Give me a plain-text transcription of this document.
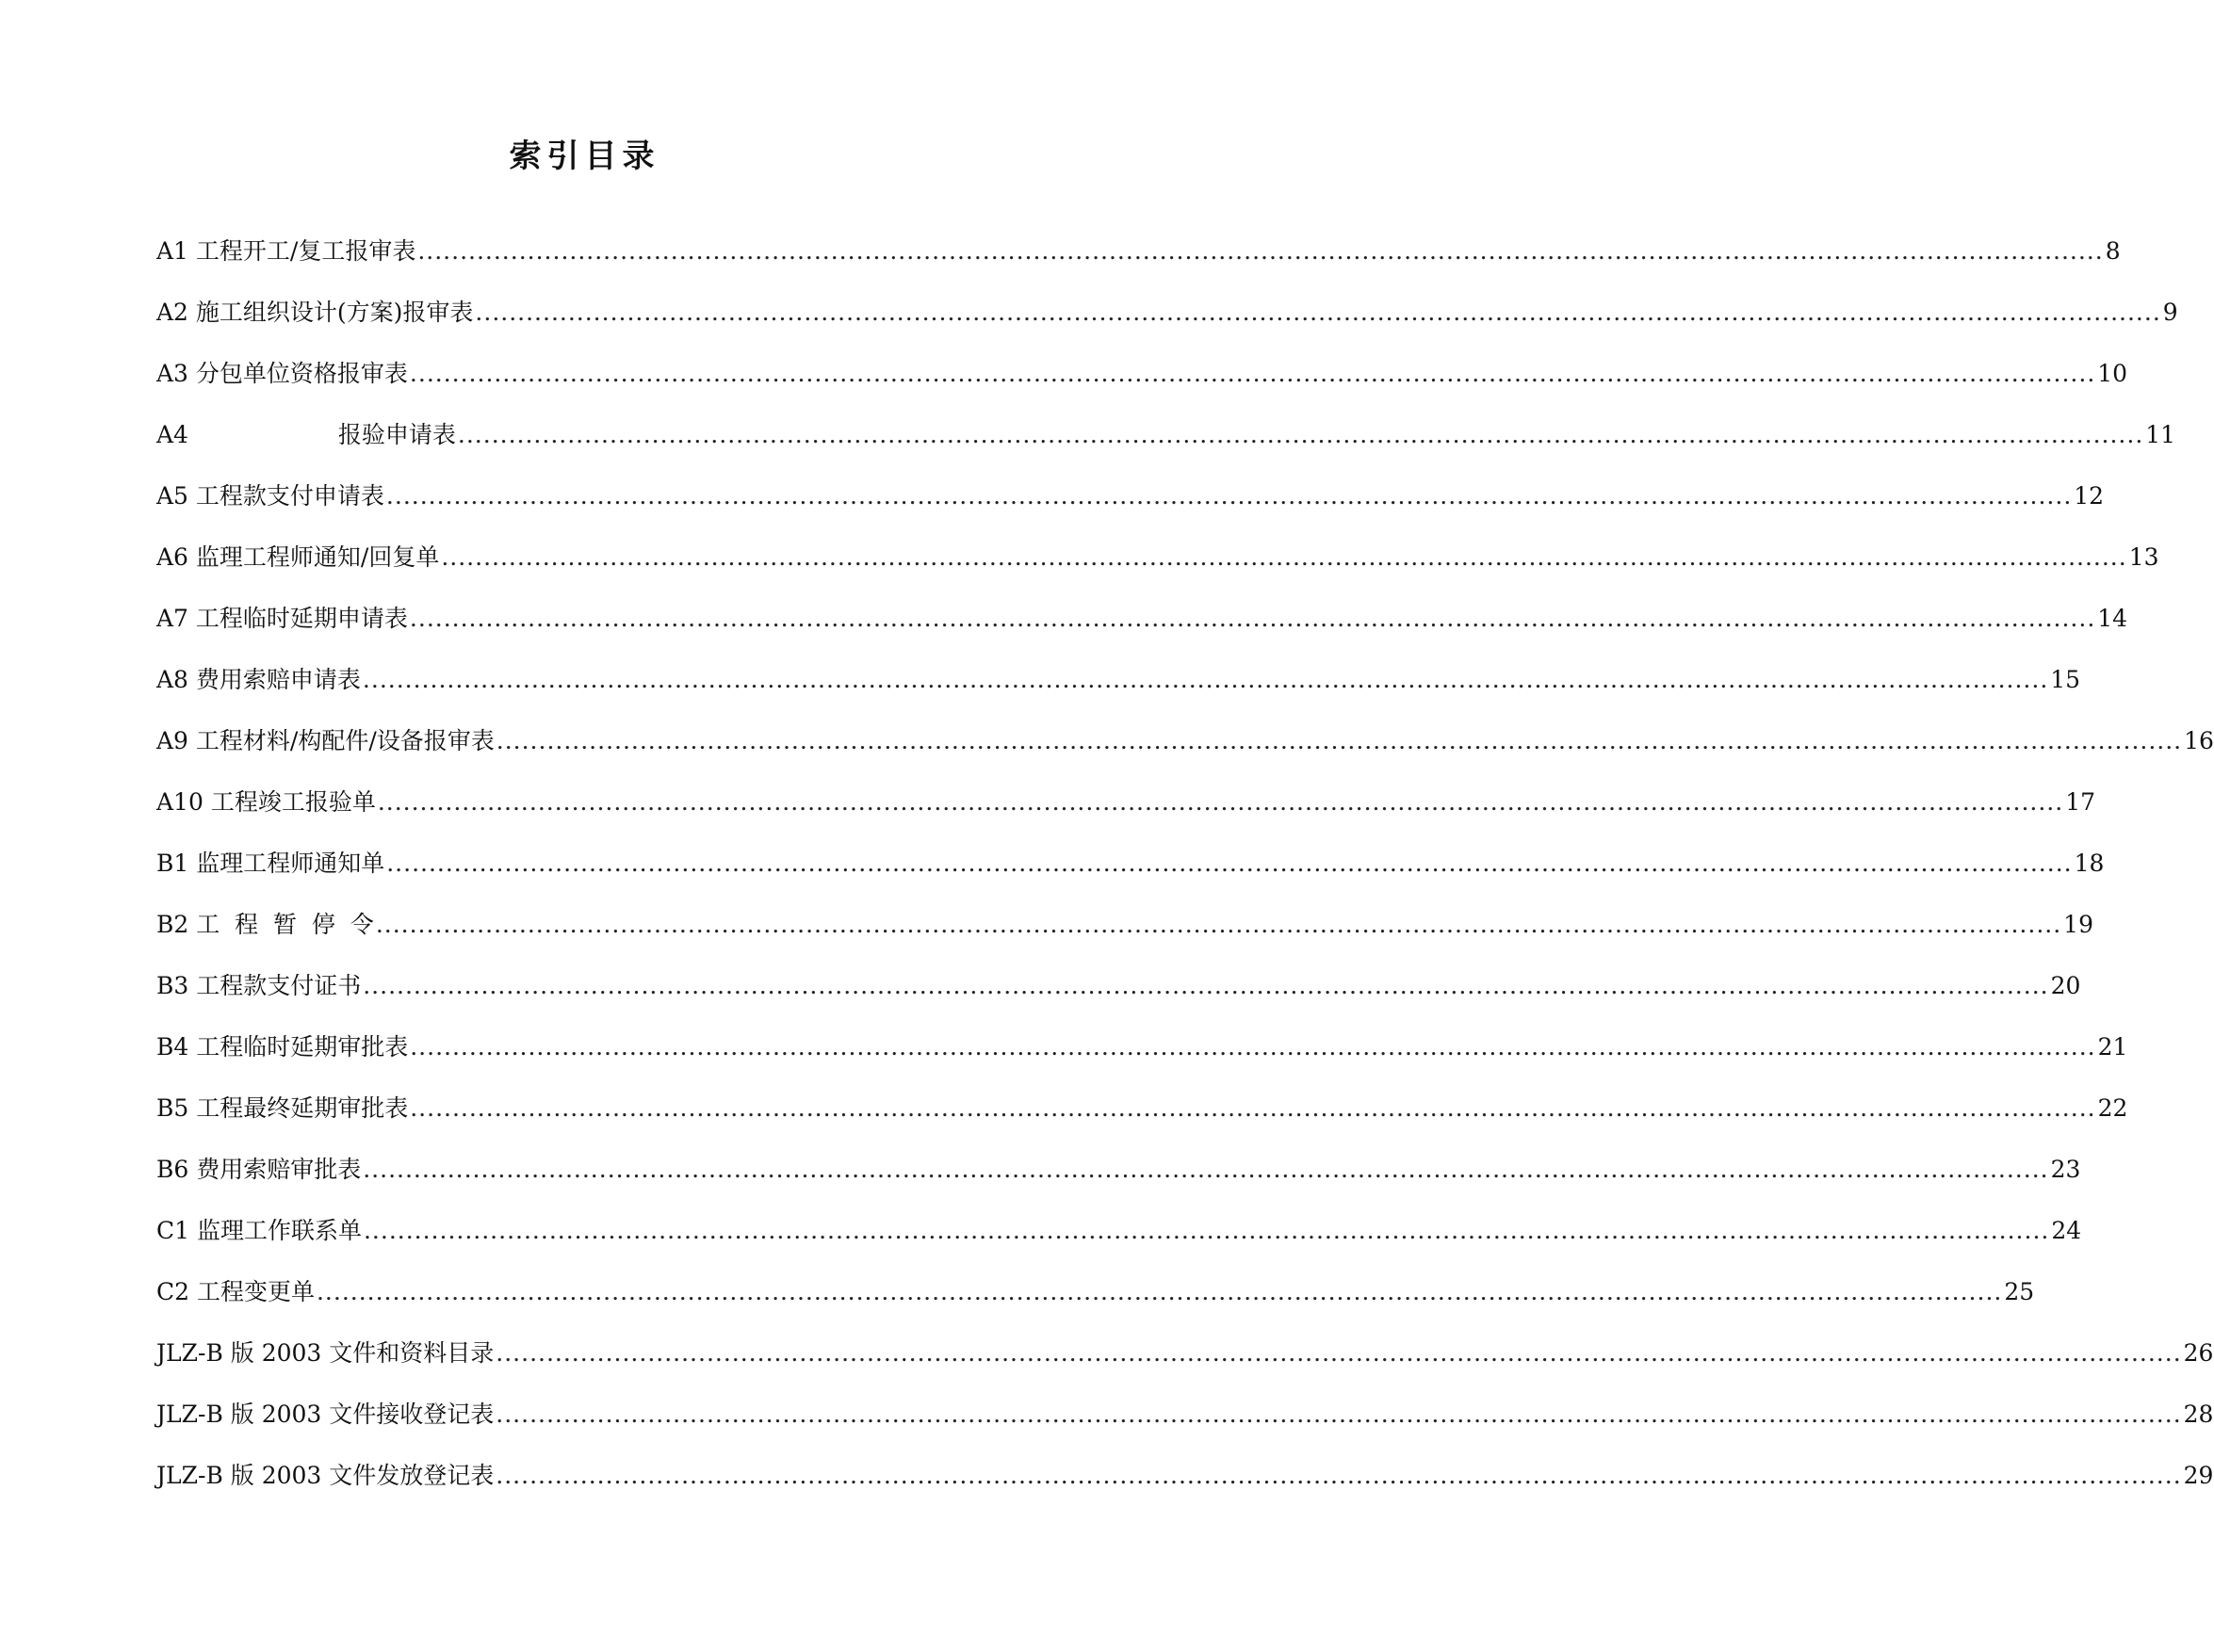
索引目录
A1 工程开工/复工报审表 ........................................................................................................................................................................................................ 8
A2 施工组织设计(方案)报审表 ........................................................................................................................................................................................................ 9
A3 分包单位资格报审表 ........................................................................................................................................................................................................ 10
A4                    报验申请表 ........................................................................................................................................................................................................ 11
A5 工程款支付申请表 ........................................................................................................................................................................................................ 12
A6 监理工程师通知/回复单 ........................................................................................................................................................................................................ 13
A7 工程临时延期申请表 ........................................................................................................................................................................................................ 14
A8 费用索赔申请表 ........................................................................................................................................................................................................ 15
A9 工程材料/构配件/设备报审表 ........................................................................................................................................................................................................ 16
A10 工程竣工报验单 ........................................................................................................................................................................................................ 17
B1 监理工程师通知单 ........................................................................................................................................................................................................ 18
B2 工  程  暂  停  令 ........................................................................................................................................................................................................ 19
B3 工程款支付证书 ........................................................................................................................................................................................................ 20
B4 工程临时延期审批表 ........................................................................................................................................................................................................ 21
B5 工程最终延期审批表 ........................................................................................................................................................................................................ 22
B6 费用索赔审批表 ........................................................................................................................................................................................................ 23
C1 监理工作联系单 ........................................................................................................................................................................................................ 24
C2 工程变更单 ........................................................................................................................................................................................................ 25
JLZ-B 版 2003 文件和资料目录 ........................................................................................................................................................................................................ 26
JLZ-B 版 2003 文件接收登记表 ........................................................................................................................................................................................................ 28
JLZ-B 版 2003 文件发放登记表 ........................................................................................................................................................................................................ 29
